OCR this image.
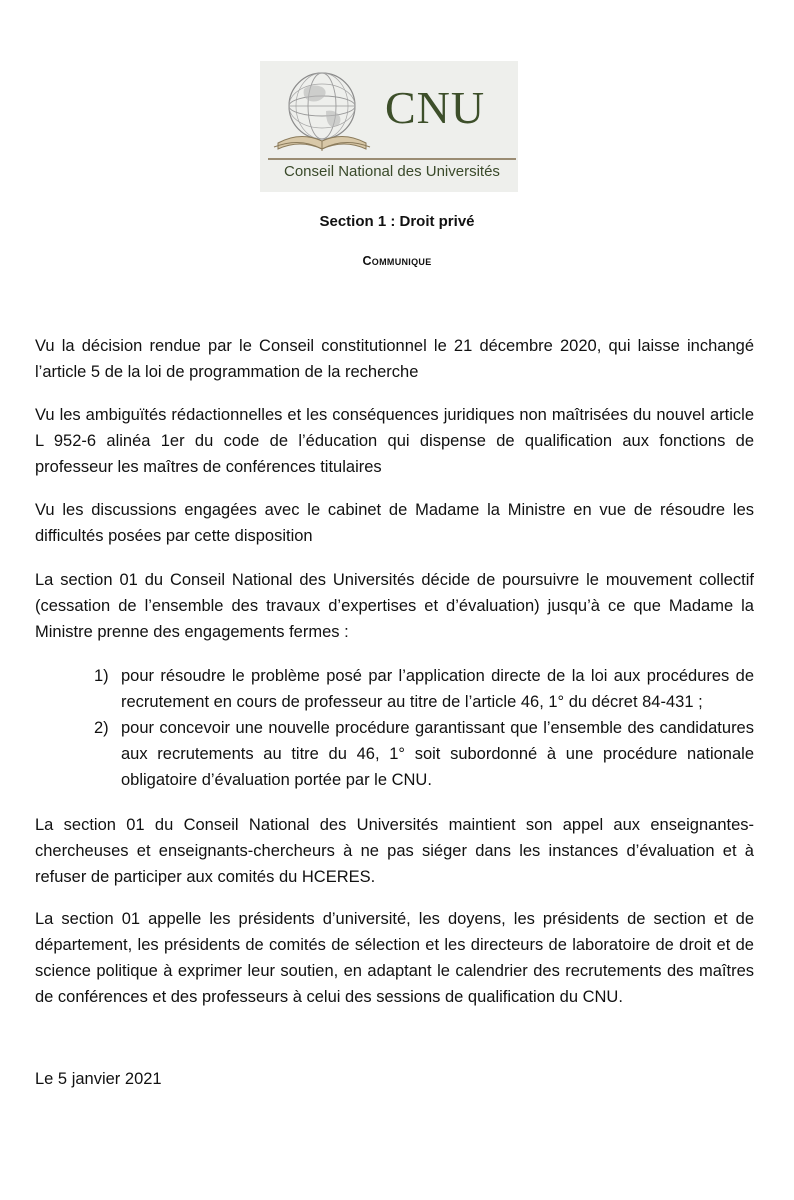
CNU
Conseil National des Universités
Section 1 : Droit privé
Communique

Vu la décision rendue par le Conseil constitutionnel le 21 décembre 2020, qui laisse inchangé l’article 5 de la loi de programmation de la recherche

Vu les ambiguïtés rédactionnelles et les conséquences juridiques non maîtrisées du nouvel article L 952-6 alinéa 1er du code de l’éducation qui dispense de qualification aux fonctions de professeur les maîtres de conférences titulaires

Vu les discussions engagées avec le cabinet de Madame la Ministre en vue de résoudre les difficultés posées par cette disposition

La section 01 du Conseil National des Universités décide de poursuivre le mouvement collectif (cessation de l’ensemble des travaux d’expertises et d’évaluation) jusqu’à ce que Madame la Ministre prenne des engagements fermes :

1) pour résoudre le problème posé par l’application directe de la loi aux procédures de recrutement en cours de professeur au titre de l’article 46, 1° du décret 84-431 ;
2) pour concevoir une nouvelle procédure garantissant que l’ensemble des candidatures aux recrutements au titre du 46, 1° soit subordonné à une procédure nationale obligatoire d’évaluation portée par le CNU.

La section 01 du Conseil National des Universités maintient son appel aux enseignantes-chercheuses et enseignants-chercheurs à ne pas siéger dans les instances d’évaluation et à refuser de participer aux comités du HCERES.

La section 01 appelle les présidents d’université, les doyens, les présidents de section et de département, les présidents de comités de sélection et les directeurs de laboratoire de droit et de science politique à exprimer leur soutien, en adaptant le calendrier des recrutements des maîtres de conférences et des professeurs à celui des sessions de qualification du CNU.

Le 5 janvier 2021
